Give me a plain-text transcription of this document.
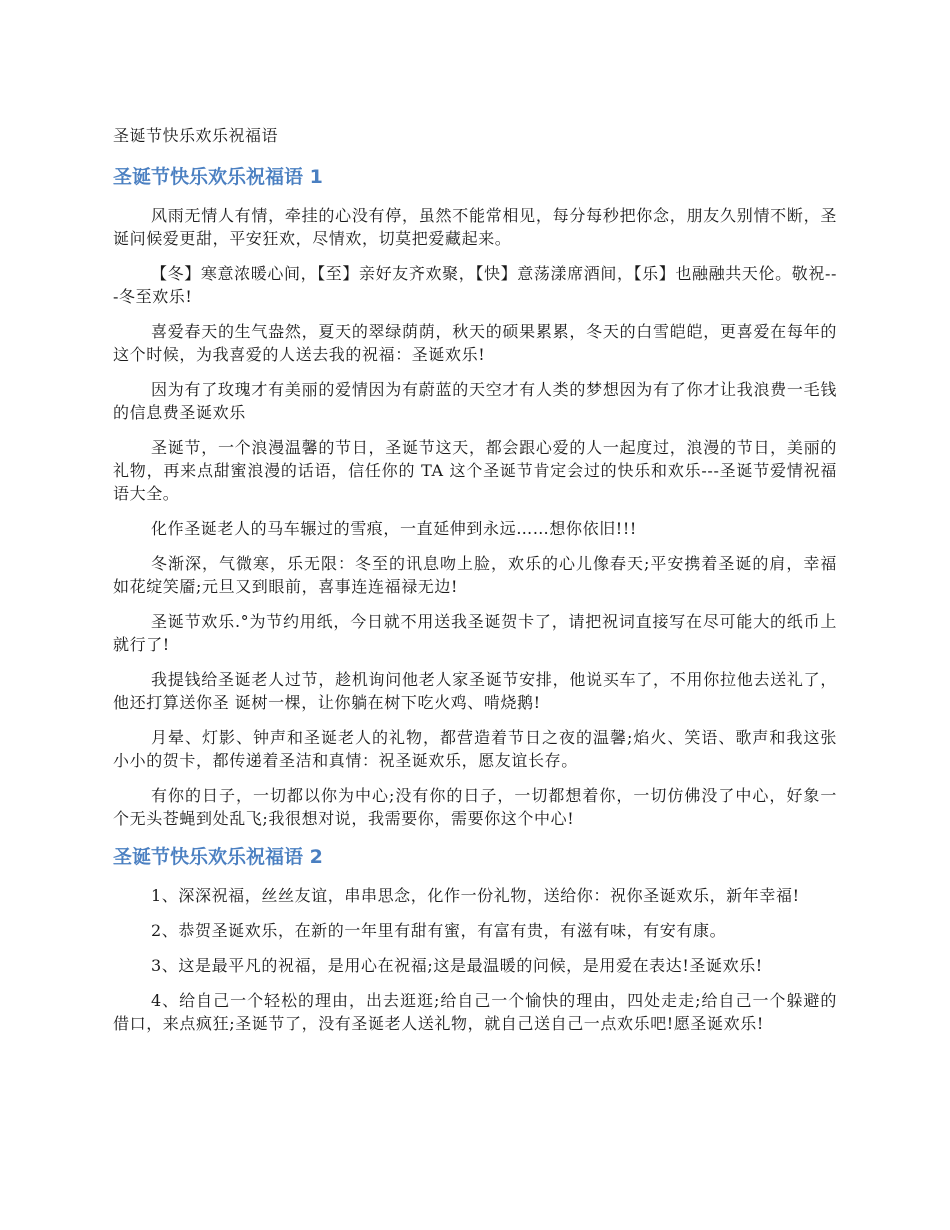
圣诞节快乐欢乐祝福语
圣诞节快乐欢乐祝福语 1

风雨无情人有情，牵挂的心没有停，虽然不能常相见，每分每秒把你念，朋友久别情不断，圣诞问候爱更甜，平安狂欢，尽情欢，切莫把爱藏起来。

【冬】寒意浓暖心间，【至】亲好友齐欢聚，【快】意荡漾席酒间，【乐】也融融共天伦。敬祝---冬至欢乐!

喜爱春天的生气盎然，夏天的翠绿荫荫，秋天的硕果累累，冬天的白雪皑皑，更喜爱在每年的这个时候，为我喜爱的人送去我的祝福：圣诞欢乐!

因为有了玫瑰才有美丽的爱情因为有蔚蓝的天空才有人类的梦想因为有了你才让我浪费一毛钱的信息费圣诞欢乐

圣诞节，一个浪漫温馨的节日，圣诞节这天，都会跟心爱的人一起度过，浪漫的节日，美丽的礼物，再来点甜蜜浪漫的话语，信任你的 TA 这个圣诞节肯定会过的快乐和欢乐---圣诞节爱情祝福语大全。

化作圣诞老人的马车辗过的雪痕，一直延伸到永远……想你依旧!!!

冬渐深，气微寒，乐无限：冬至的讯息吻上脸，欢乐的心儿像春天;平安携着圣诞的肩，幸福如花绽笑靥;元旦又到眼前，喜事连连福禄无边!

圣诞节欢乐.°为节约用纸，今日就不用送我圣诞贺卡了，请把祝词直接写在尽可能大的纸币上就行了!

我提钱给圣诞老人过节，趁机询问他老人家圣诞节安排，他说买车了，不用你拉他去送礼了，他还打算送你圣 诞树一棵，让你躺在树下吃火鸡、啃烧鹅!

月晕、灯影、钟声和圣诞老人的礼物，都营造着节日之夜的温馨;焰火、笑语、歌声和我这张小小的贺卡，都传递着圣洁和真情：祝圣诞欢乐，愿友谊长存。

有你的日子，一切都以你为中心;没有你的日子，一切都想着你，一切仿佛没了中心，好象一个无头苍蝇到处乱飞;我很想对说，我需要你，需要你这个中心!

圣诞节快乐欢乐祝福语 2

1、深深祝福，丝丝友谊，串串思念，化作一份礼物，送给你：祝你圣诞欢乐，新年幸福!

2、恭贺圣诞欢乐，在新的一年里有甜有蜜，有富有贵，有滋有味，有安有康。

3、这是最平凡的祝福，是用心在祝福;这是最温暖的问候，是用爱在表达!圣诞欢乐!

4、给自己一个轻松的理由，出去逛逛;给自己一个愉快的理由，四处走走;给自己一个躲避的借口，来点疯狂;圣诞节了，没有圣诞老人送礼物，就自己送自己一点欢乐吧!愿圣诞欢乐!
